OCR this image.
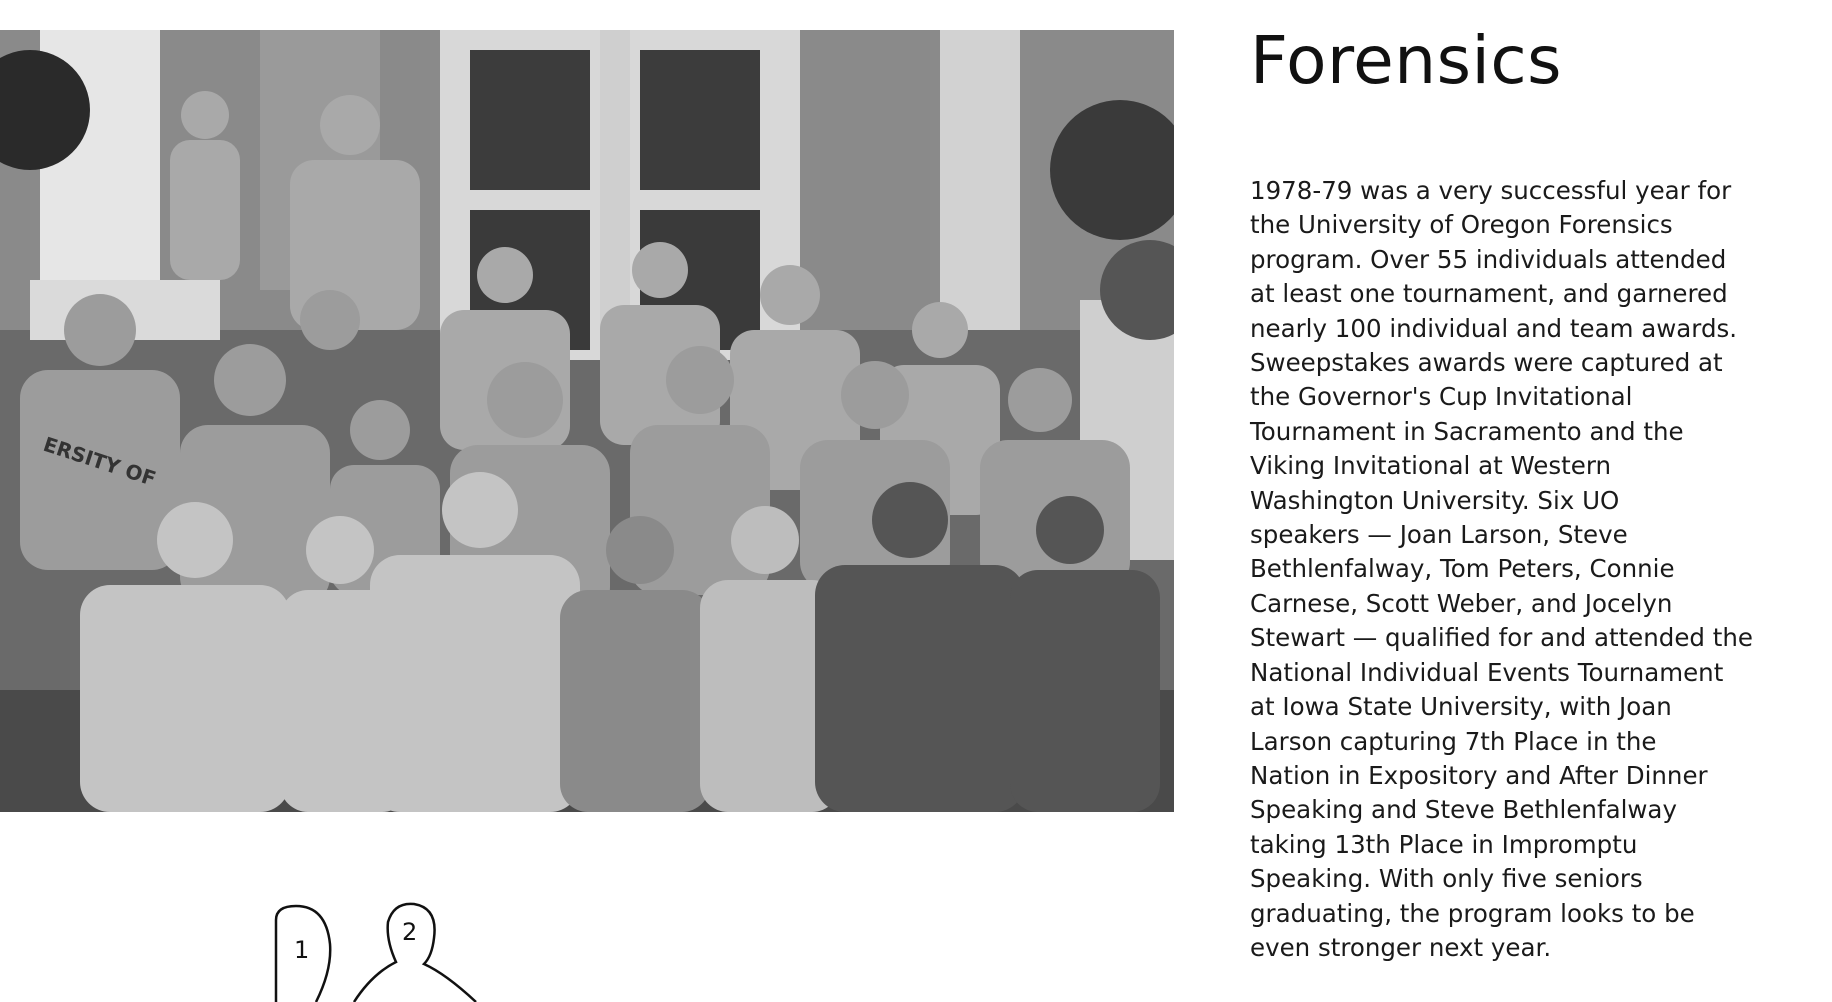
ERSITY OF
Forensics

1978-79 was a very successful year for
the University of Oregon Forensics
program. Over 55 individuals attended
at least one tournament, and garnered
nearly 100 individual and team awards.
Sweepstakes awards were captured at
the Governor's Cup Invitational
Tournament in Sacramento and the
Viking Invitational at Western
Washington University. Six UO
speakers — Joan Larson, Steve
Bethlenfalway, Tom Peters, Connie
Carnese, Scott Weber, and Jocelyn
Stewart — qualified for and attended the
National Individual Events Tournament
at Iowa State University, with Joan
Larson capturing 7th Place in the
Nation in Expository and After Dinner
Speaking and Steve Bethlenfalway
taking 13th Place in Impromptu
Speaking. With only five seniors
graduating, the program looks to be
even stronger next year.

1
2
